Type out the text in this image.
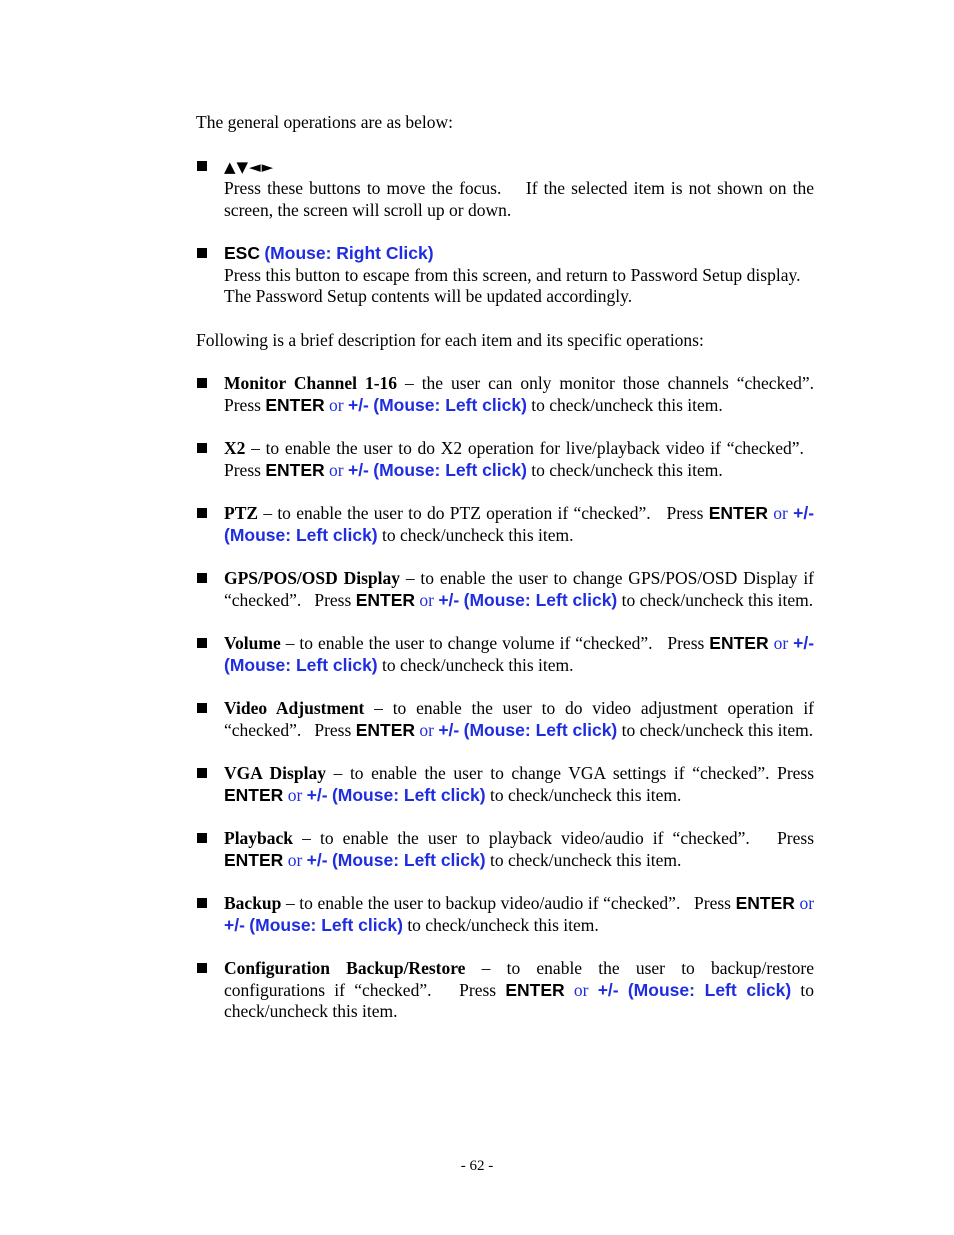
The general operations are as below:

▲▼◄►
Press these buttons to move the focus.    If the selected item is not shown on the screen, the screen will scroll up or down.
ESC (Mouse: Right Click)
Press this button to escape from this screen, and return to Password Setup display.    The Password Setup contents will be updated accordingly.

Following is a brief description for each item and its specific operations:

Monitor Channel 1-16 – the user can only monitor those channels “checked”. Press ENTER or +/- (Mouse: Left click) to check/uncheck this item.
X2 – to enable the user to do X2 operation for live/playback video if “checked”.   Press ENTER or +/- (Mouse: Left click) to check/uncheck this item.
PTZ – to enable the user to do PTZ operation if “checked”.   Press ENTER or +/- (Mouse: Left click) to check/uncheck this item.
GPS/POS/OSD Display – to enable the user to change GPS/POS/OSD Display if “checked”.   Press ENTER or +/- (Mouse: Left click) to check/uncheck this item.
Volume – to enable the user to change volume if “checked”.   Press ENTER or +/- (Mouse: Left click) to check/uncheck this item.
Video Adjustment – to enable the user to do video adjustment operation if “checked”.   Press ENTER or +/- (Mouse: Left click) to check/uncheck this item.
VGA Display – to enable the user to change VGA settings if “checked”. Press ENTER or +/- (Mouse: Left click) to check/uncheck this item.
Playback – to enable the user to playback video/audio if “checked”.   Press ENTER or +/- (Mouse: Left click) to check/uncheck this item.
Backup – to enable the user to backup video/audio if “checked”.   Press ENTER or +/- (Mouse: Left click) to check/uncheck this item.
Configuration Backup/Restore – to enable the user to backup/restore configurations if “checked”.   Press ENTER or +/- (Mouse: Left click) to check/uncheck this item.
- 62 -
